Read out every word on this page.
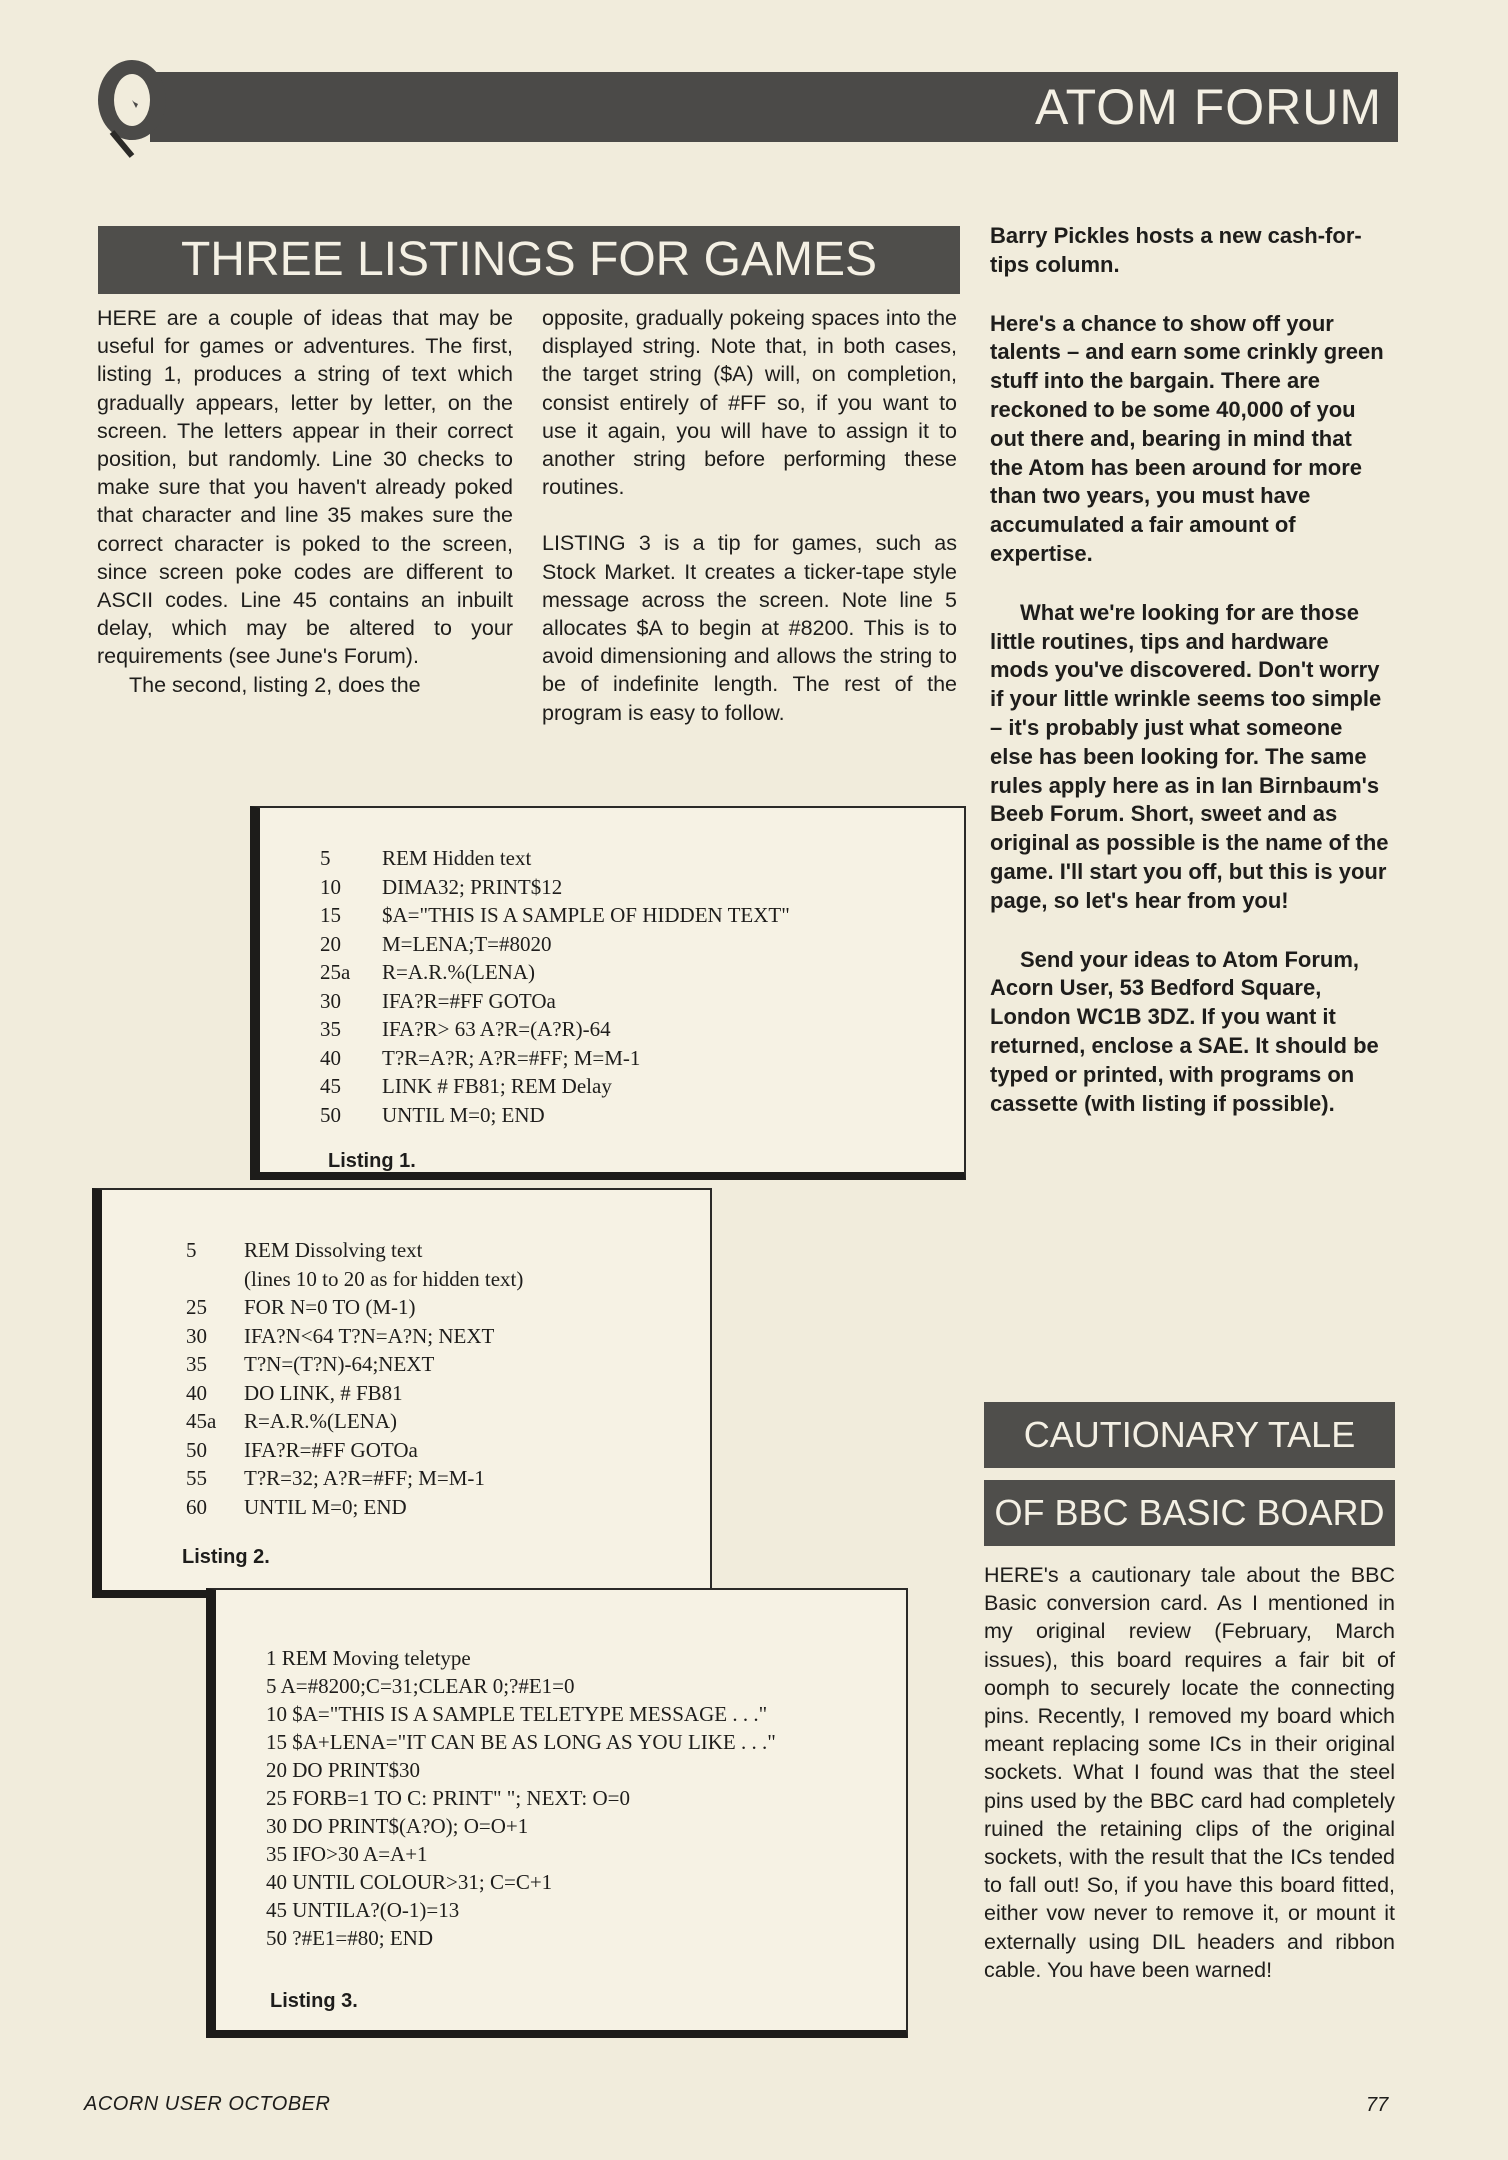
ATOM FORUM
THREE LISTINGS FOR GAMES

HERE are a couple of ideas that may be useful for games or adventures. The first, listing 1, produces a string of text which gradually appears, letter by letter, on the screen. The letters appear in their correct position, but randomly. Line 30 checks to make sure that you haven't already poked that character and line 35 makes sure the correct character is poked to the screen, since screen poke codes are different to ASCII codes. Line 45 contains an inbuilt delay, which may be altered to your requirements (see June's Forum).

The second, listing 2, does the

opposite, gradually pokeing spaces into the displayed string. Note that, in both cases, the target string ($A) will, on completion, consist entirely of #FF so, if you want to use it again, you will have to assign it to another string before performing these routines.

LISTING 3 is a tip for games, such as Stock Market. It creates a ticker-tape style message across the screen. Note line 5 allocates $A to begin at #8200. This is to avoid dimensioning and allows the string to be of indefinite length. The rest of the program is easy to follow.

Barry Pickles hosts a new cash-for-tips column.

Here's a chance to show off your talents – and earn some crinkly green stuff into the bargain. There are reckoned to be some 40,000 of you out there and, bearing in mind that the Atom has been around for more than two years, you must have accumulated a fair amount of expertise.

What we're looking for are those little routines, tips and hardware mods you've discovered. Don't worry if your little wrinkle seems too simple – it's probably just what someone else has been looking for. The same rules apply here as in Ian Birnbaum's Beeb Forum. Short, sweet and as original as possible is the name of the game. I'll start you off, but this is your page, so let's hear from you!

Send your ideas to Atom Forum, Acorn User, 53 Bedford Square, London WC1B 3DZ. If you want it returned, enclose a SAE. It should be typed or printed, with programs on cassette (with listing if possible).

5	REM Hidden text
10	DIMA32; PRINT$12
15	$A="THIS IS A SAMPLE OF HIDDEN TEXT"
20	M=LENA;T=#8020
25a	R=A.R.%(LENA)
30	IFA?R=#FF GOTOa
35	IFA?R> 63 A?R=(A?R)-64
40	T?R=A?R; A?R=#FF; M=M-1
45	LINK # FB81; REM Delay
50	UNTIL M=0; END
Listing 1.
5	REM Dissolving text
(lines 10 to 20 as for hidden text)
25	FOR N=0 TO (M-1)
30	IFA?N<64 T?N=A?N; NEXT
35	T?N=(T?N)-64;NEXT
40	DO LINK, # FB81
45a	R=A.R.%(LENA)
50	IFA?R=#FF GOTOa
55	T?R=32; A?R=#FF; M=M-1
60	UNTIL M=0; END
Listing 2.
1 REM Moving teletype
5 A=#8200;C=31;CLEAR 0;?#E1=0
10 $A="THIS IS A SAMPLE TELETYPE MESSAGE . . ."
15 $A+LENA="IT CAN BE AS LONG AS YOU LIKE . . ."
20 DO PRINT$30
25 FORB=1 TO C: PRINT" "; NEXT: O=0
30 DO PRINT$(A?O); O=O+1
35 IFO>30 A=A+1
40 UNTIL COLOUR>31; C=C+1
45 UNTILA?(O-1)=13
50 ?#E1=#80; END
Listing 3.
CAUTIONARY TALE
OF BBC BASIC BOARD

HERE's a cautionary tale about the BBC Basic conversion card. As I mentioned in my original review (February, March issues), this board requires a fair bit of oomph to securely locate the connecting pins. Recently, I removed my board which meant replacing some ICs in their original sockets. What I found was that the steel pins used by the BBC card had completely ruined the retaining clips of the original sockets, with the result that the ICs tended to fall out! So, if you have this board fitted, either vow never to remove it, or mount it externally using DIL headers and ribbon cable. You have been warned!

ACORN USER OCTOBER	77
